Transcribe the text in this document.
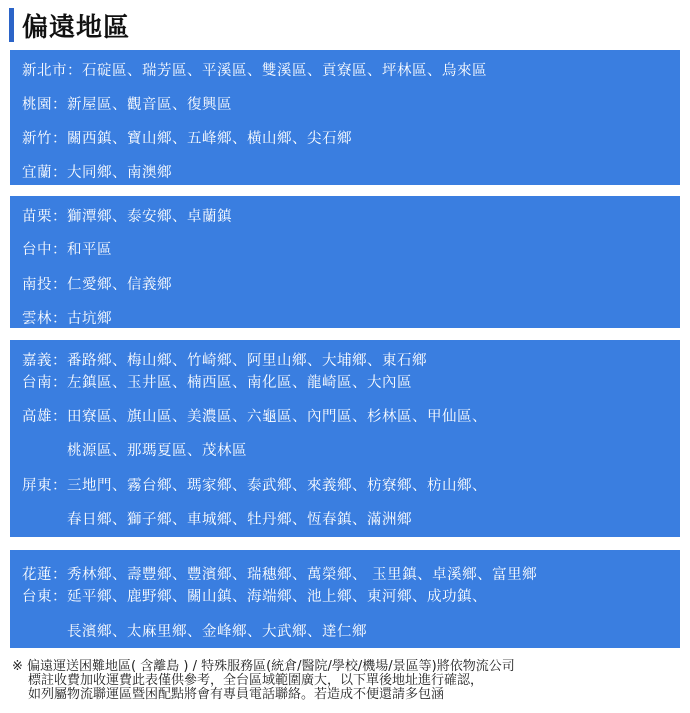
偏遠地區
新北市：石碇區、瑞芳區、平溪區、雙溪區、貢寮區、坪林區、烏來區
桃園：新屋區、觀音區、復興區
新竹：關西鎮、寶山鄉、五峰鄉、橫山鄉、尖石鄉
宜蘭：大同鄉、南澳鄉
苗栗：獅潭鄉、泰安鄉、卓蘭鎮
台中：和平區
南投：仁愛鄉、信義鄉
雲林：古坑鄉
嘉義：番路鄉、梅山鄉、竹崎鄉、阿里山鄉、大埔鄉、東石鄉
台南：左鎮區、玉井區、楠西區、南化區、龍崎區、大內區
高雄：田寮區、旗山區、美濃區、六龜區、內門區、杉林區、甲仙區、
　　　桃源區、那瑪夏區、茂林區
屏東：三地門、霧台鄉、瑪家鄉、泰武鄉、來義鄉、枋寮鄉、枋山鄉、
　　　春日鄉、獅子鄉、車城鄉、牡丹鄉、恆春鎮、滿洲鄉
花蓮：秀林鄉、壽豐鄉、豐濱鄉、瑞穗鄉、萬榮鄉、 玉里鎮、卓溪鄉、富里鄉
台東：延平鄉、鹿野鄉、關山鎮、海端鄉、池上鄉、東河鄉、成功鎮、
　　　長濱鄉、太麻里鄉、金峰鄉、大武鄉、達仁鄉
※ 偏遠運送困難地區( 含離島 ) / 特殊服務區(統倉/醫院/學校/機場/景區等)將依物流公司
標註收費加收運費此表僅供參考，全台區域範圍廣大，以下單後地址進行確認，
如列屬物流聯運區暨困配點將會有專員電話聯絡。若造成不便還請多包涵
